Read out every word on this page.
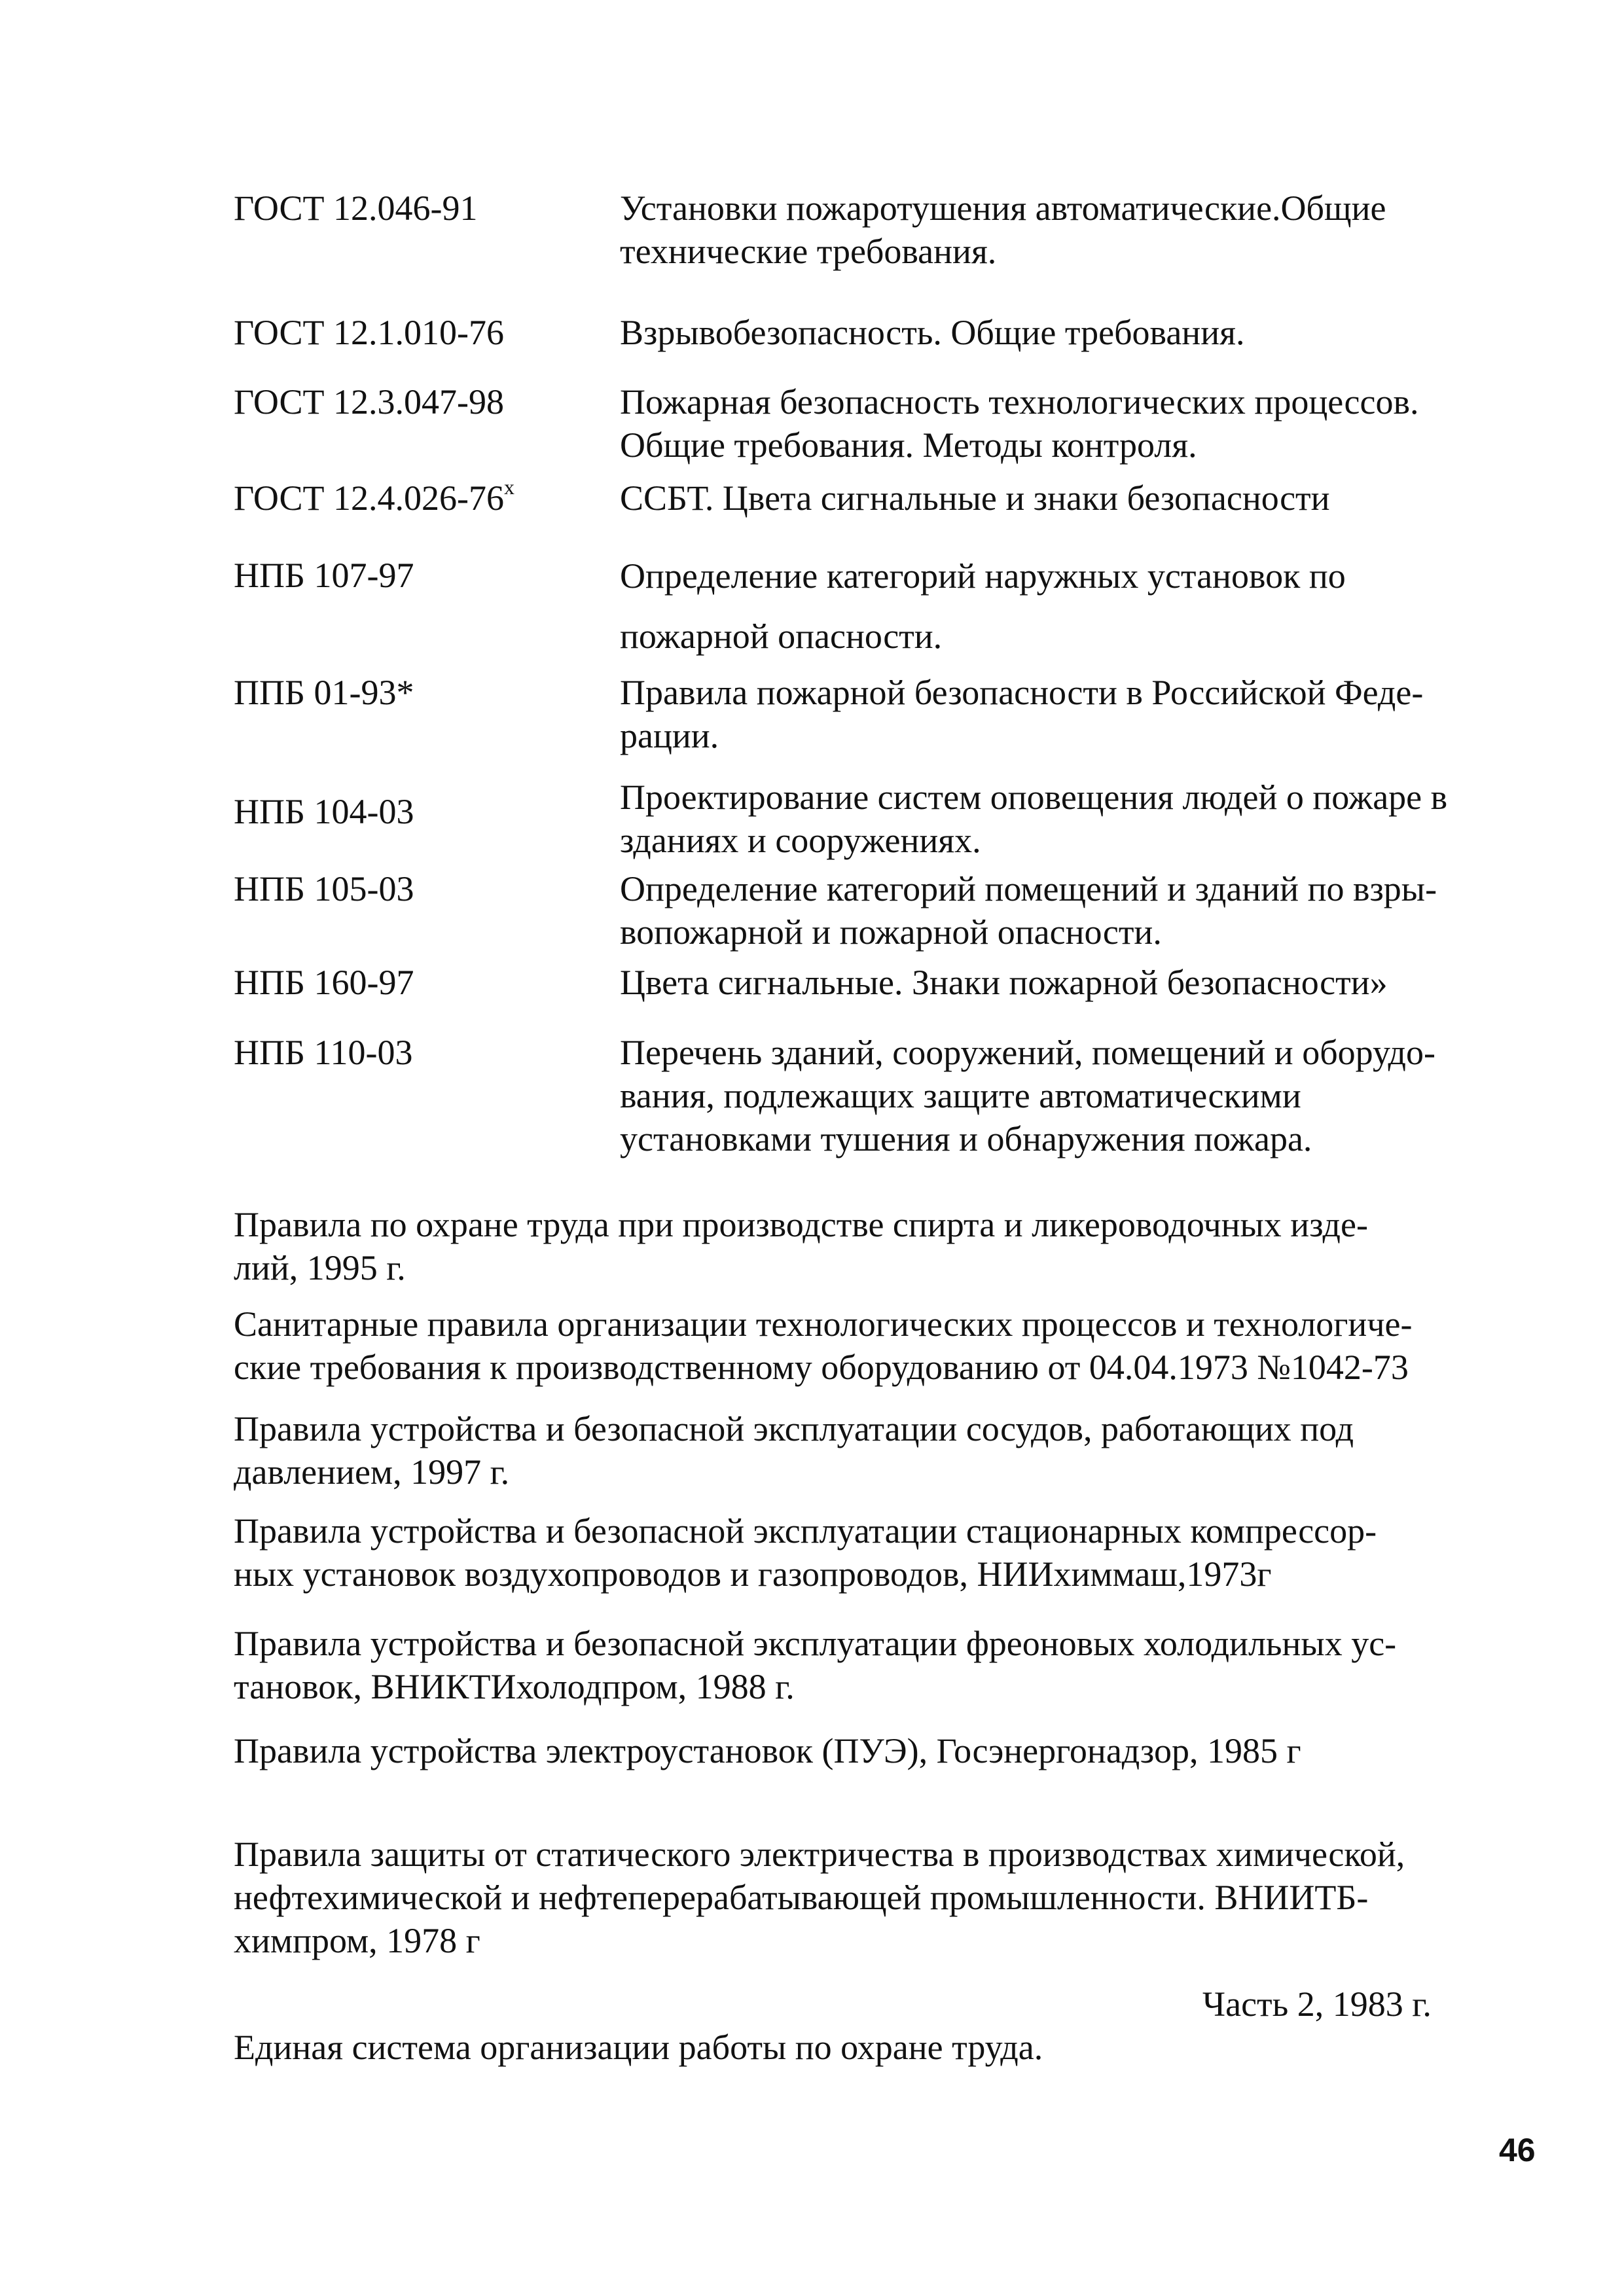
ГОСТ 12.046-91	Установки пожаротушения автоматические.Общие
технические требования.
ГОСТ 12.1.010-76	Взрывобезопасность. Общие требования.
ГОСТ 12.3.047-98	Пожарная безопасность технологических процессов.
Общие требования. Методы контроля.
ГОСТ $12.4.026-76^х$	ССБТ. Цвета сигнальные и знаки безопасности
НПБ 107-97	Определение категорий наружных установок по
пожарной опасности.
ППБ 01-93*	Правила пожарной безопасности в Российской Феде-
рации.
НПБ 104-03	Проектирование систем оповещения людей о пожаре в
зданиях и сооружениях.
НПБ 105-03	Определение категорий помещений и зданий по взры-
вопожарной и пожарной опасности.
НПБ 160-97	Цвета сигнальные. Знаки пожарной безопасности»
НПБ 110-03	Перечень зданий, сооружений, помещений и оборудо-
вания, подлежащих защите автоматическими
установками тушения и обнаружения пожара.
Правила по охране труда при производстве спирта и ликероводочных изде-
лий, 1995 г.
Санитарные правила организации технологических процессов и технологиче-
ские требования к производственному оборудованию от 04.04.1973 №1042-73
Правила устройства и безопасной эксплуатации сосудов, работающих под
давлением, 1997 г.
Правила устройства и безопасной эксплуатации стационарных компрессор-
ных установок воздухопроводов и газопроводов, НИИхиммаш,1973г
Правила устройства и безопасной эксплуатации фреоновых холодильных ус-
тановок, ВНИКТИхолодпром, 1988 г.
Правила устройства электроустановок (ПУЭ), Госэнергонадзор, 1985 г
Правила защиты от статического электричества в производствах химической,
нефтехимической и нефтеперерабатывающей промышленности. ВНИИТБ-
химпром, 1978 г

Единая система организации работы по охране труда.

Часть 2, 1983 г.

46
